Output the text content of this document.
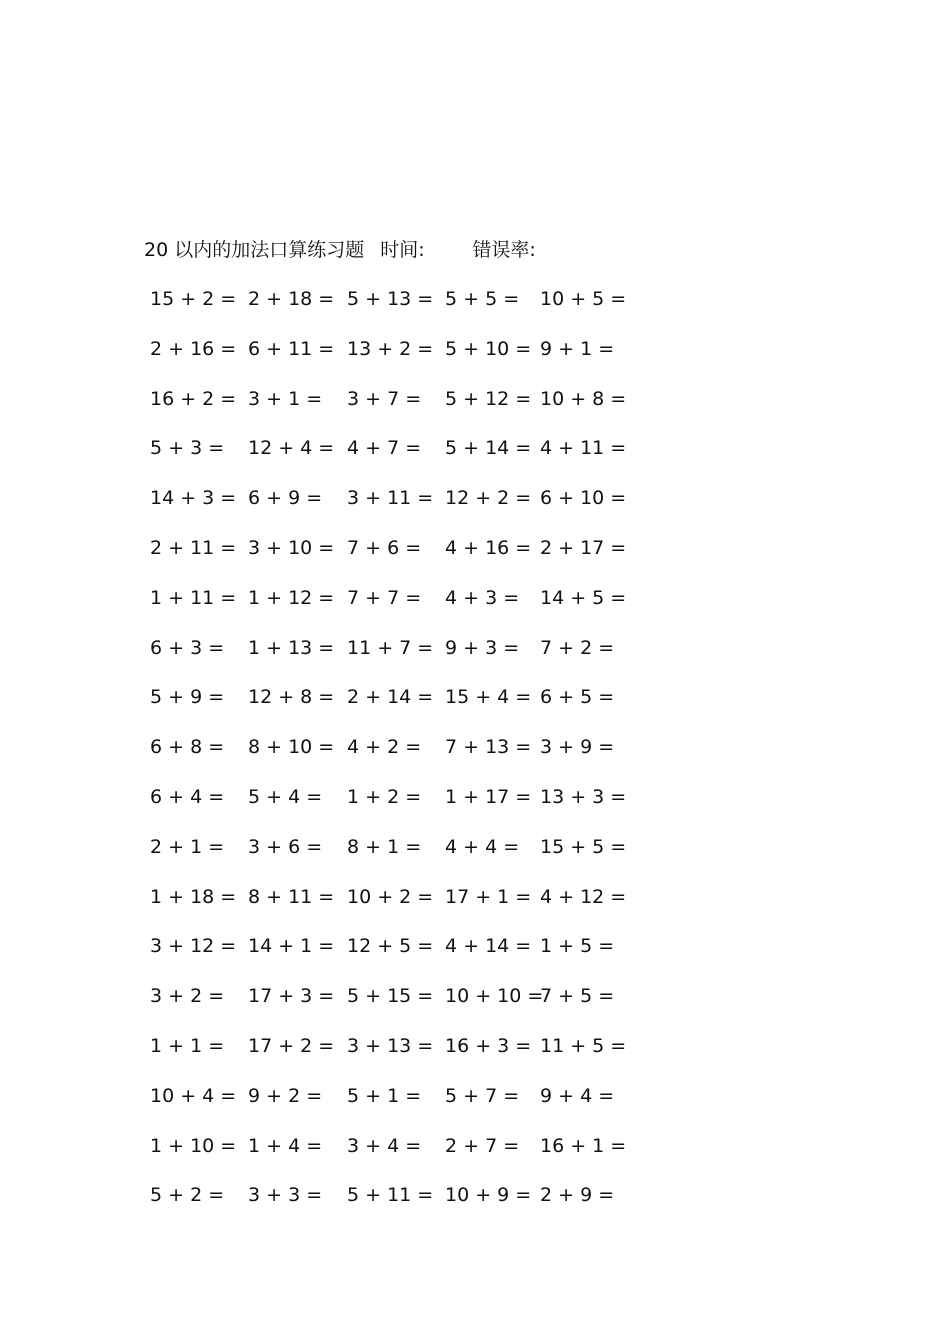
20 以内的加法口算练习题 时间:	错误率:
15 + 2 = 2 + 18 = 5 + 13 = 5 + 5 = 10 + 5 =
2 + 16 = 6 + 11 = 13 + 2 = 5 + 10 = 9 + 1 =
16 + 2 = 3 + 1 = 3 + 7 = 5 + 12 = 10 + 8 =
5 + 3 = 12 + 4 = 4 + 7 = 5 + 14 = 4 + 11 =
14 + 3 = 6 + 9 = 3 + 11 = 12 + 2 = 6 + 10 =
2 + 11 = 3 + 10 = 7 + 6 = 4 + 16 = 2 + 17 =
1 + 11 = 1 + 12 = 7 + 7 = 4 + 3 = 14 + 5 =
6 + 3 = 1 + 13 = 11 + 7 = 9 + 3 = 7 + 2 =
5 + 9 = 12 + 8 = 2 + 14 = 15 + 4 = 6 + 5 =
6 + 8 = 8 + 10 = 4 + 2 = 7 + 13 = 3 + 9 =
6 + 4 = 5 + 4 = 1 + 2 = 1 + 17 = 13 + 3 =
2 + 1 = 3 + 6 = 8 + 1 = 4 + 4 = 15 + 5 =
1 + 18 = 8 + 11 = 10 + 2 = 17 + 1 = 4 + 12 =
3 + 12 = 14 + 1 = 12 + 5 = 4 + 14 = 1 + 5 =
3 + 2 = 17 + 3 = 5 + 15 = 10 + 10 =
7 + 5 =
1 + 1 = 17 + 2 = 3 + 13 = 16 + 3 = 11 + 5 =
10 + 4 = 9 + 2 = 5 + 1 = 5 + 7 = 9 + 4 =
1 + 10 = 1 + 4 = 3 + 4 = 2 + 7 = 16 + 1 =
5 + 2 = 3 + 3 = 5 + 11 = 10 + 9 = 2 + 9 =
